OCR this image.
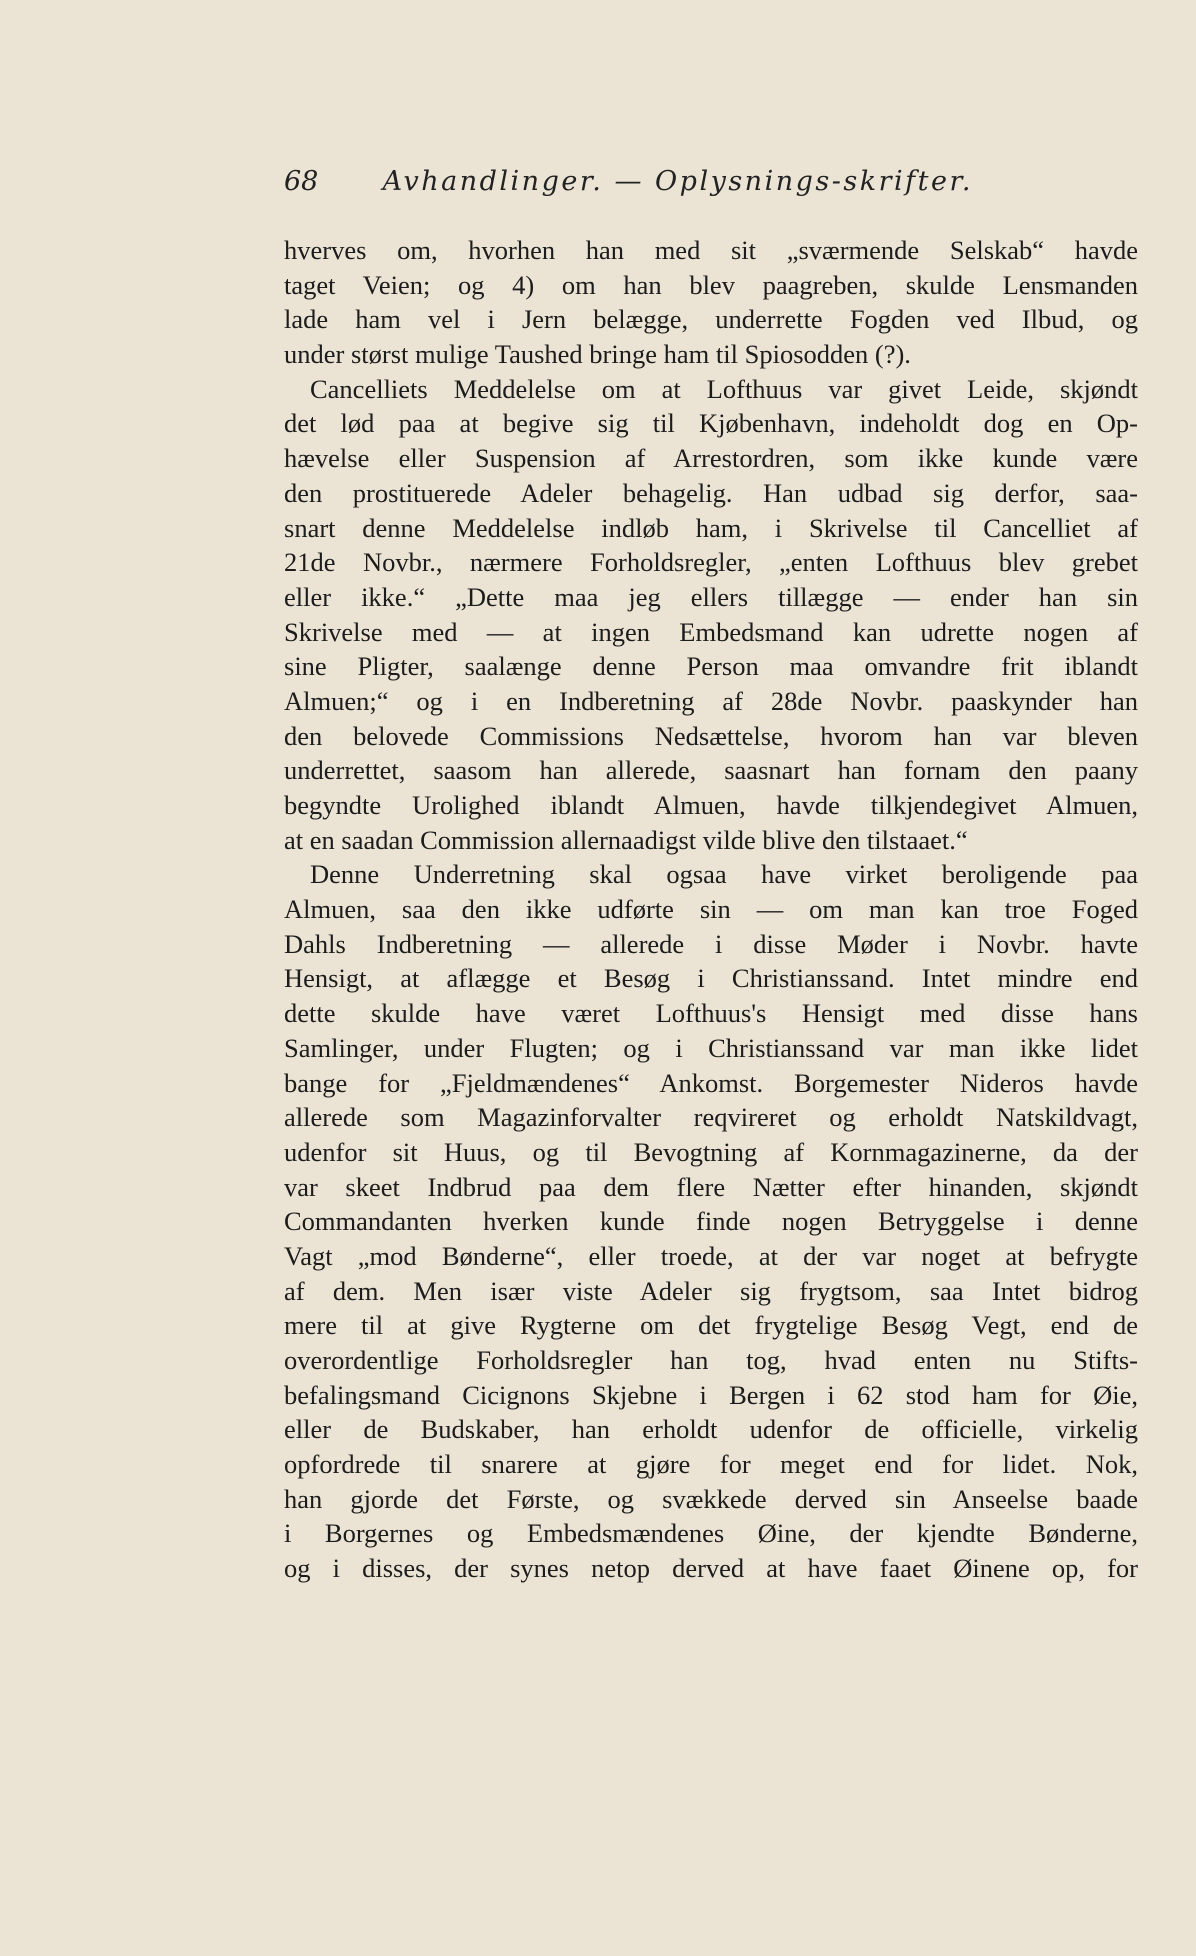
68 Avhandlinger. — Oplysnings-skrifter.
hverves om, hvorhen han med sit „sværmende Selskab“ havde
taget Veien; og 4) om han blev paagreben, skulde Lensmanden
lade ham vel i Jern belægge, underrette Fogden ved Ilbud, og
under størst mulige Taushed bringe ham til Spiosodden (?).
Cancelliets Meddelelse om at Lofthuus var givet Leide, skjøndt
det lød paa at begive sig til Kjøbenhavn, indeholdt dog en Op-
hævelse eller Suspension af Arrestordren, som ikke kunde være
den prostituerede Adeler behagelig. Han udbad sig derfor, saa-
snart denne Meddelelse indløb ham, i Skrivelse til Cancelliet af
21de Novbr., nærmere Forholdsregler, „enten Lofthuus blev grebet
eller ikke.“ „Dette maa jeg ellers tillægge — ender han sin
Skrivelse med — at ingen Embedsmand kan udrette nogen af
sine Pligter, saalænge denne Person maa omvandre frit iblandt
Almuen;“ og i en Indberetning af 28de Novbr. paaskynder han
den belovede Commissions Nedsættelse, hvorom han var bleven
underrettet, saasom han allerede, saasnart han fornam den paany
begyndte Urolighed iblandt Almuen, havde tilkjendegivet Almuen,
at en saadan Commission allernaadigst vilde blive den tilstaaet.“
Denne Underretning skal ogsaa have virket beroligende paa
Almuen, saa den ikke udførte sin — om man kan troe Foged
Dahls Indberetning — allerede i disse Møder i Novbr. havte
Hensigt, at aflægge et Besøg i Christianssand. Intet mindre end
dette skulde have været Lofthuus's Hensigt med disse hans
Samlinger, under Flugten; og i Christianssand var man ikke lidet
bange for „Fjeldmændenes“ Ankomst. Borgemester Nideros havde
allerede som Magazinforvalter reqvireret og erholdt Natskildvagt,
udenfor sit Huus, og til Bevogtning af Kornmagazinerne, da der
var skeet Indbrud paa dem flere Nætter efter hinanden, skjøndt
Commandanten hverken kunde finde nogen Betryggelse i denne
Vagt „mod Bønderne“, eller troede, at der var noget at befrygte
af dem. Men især viste Adeler sig frygtsom, saa Intet bidrog
mere til at give Rygterne om det frygtelige Besøg Vegt, end de
overordentlige Forholdsregler han tog, hvad enten nu Stifts-
befalingsmand Cicignons Skjebne i Bergen i 62 stod ham for Øie,
eller de Budskaber, han erholdt udenfor de officielle, virkelig
opfordrede til snarere at gjøre for meget end for lidet. Nok,
han gjorde det Første, og svækkede derved sin Anseelse baade
i Borgernes og Embedsmændenes Øine, der kjendte Bønderne,
og i disses, der synes netop derved at have faaet Øinene op, for
